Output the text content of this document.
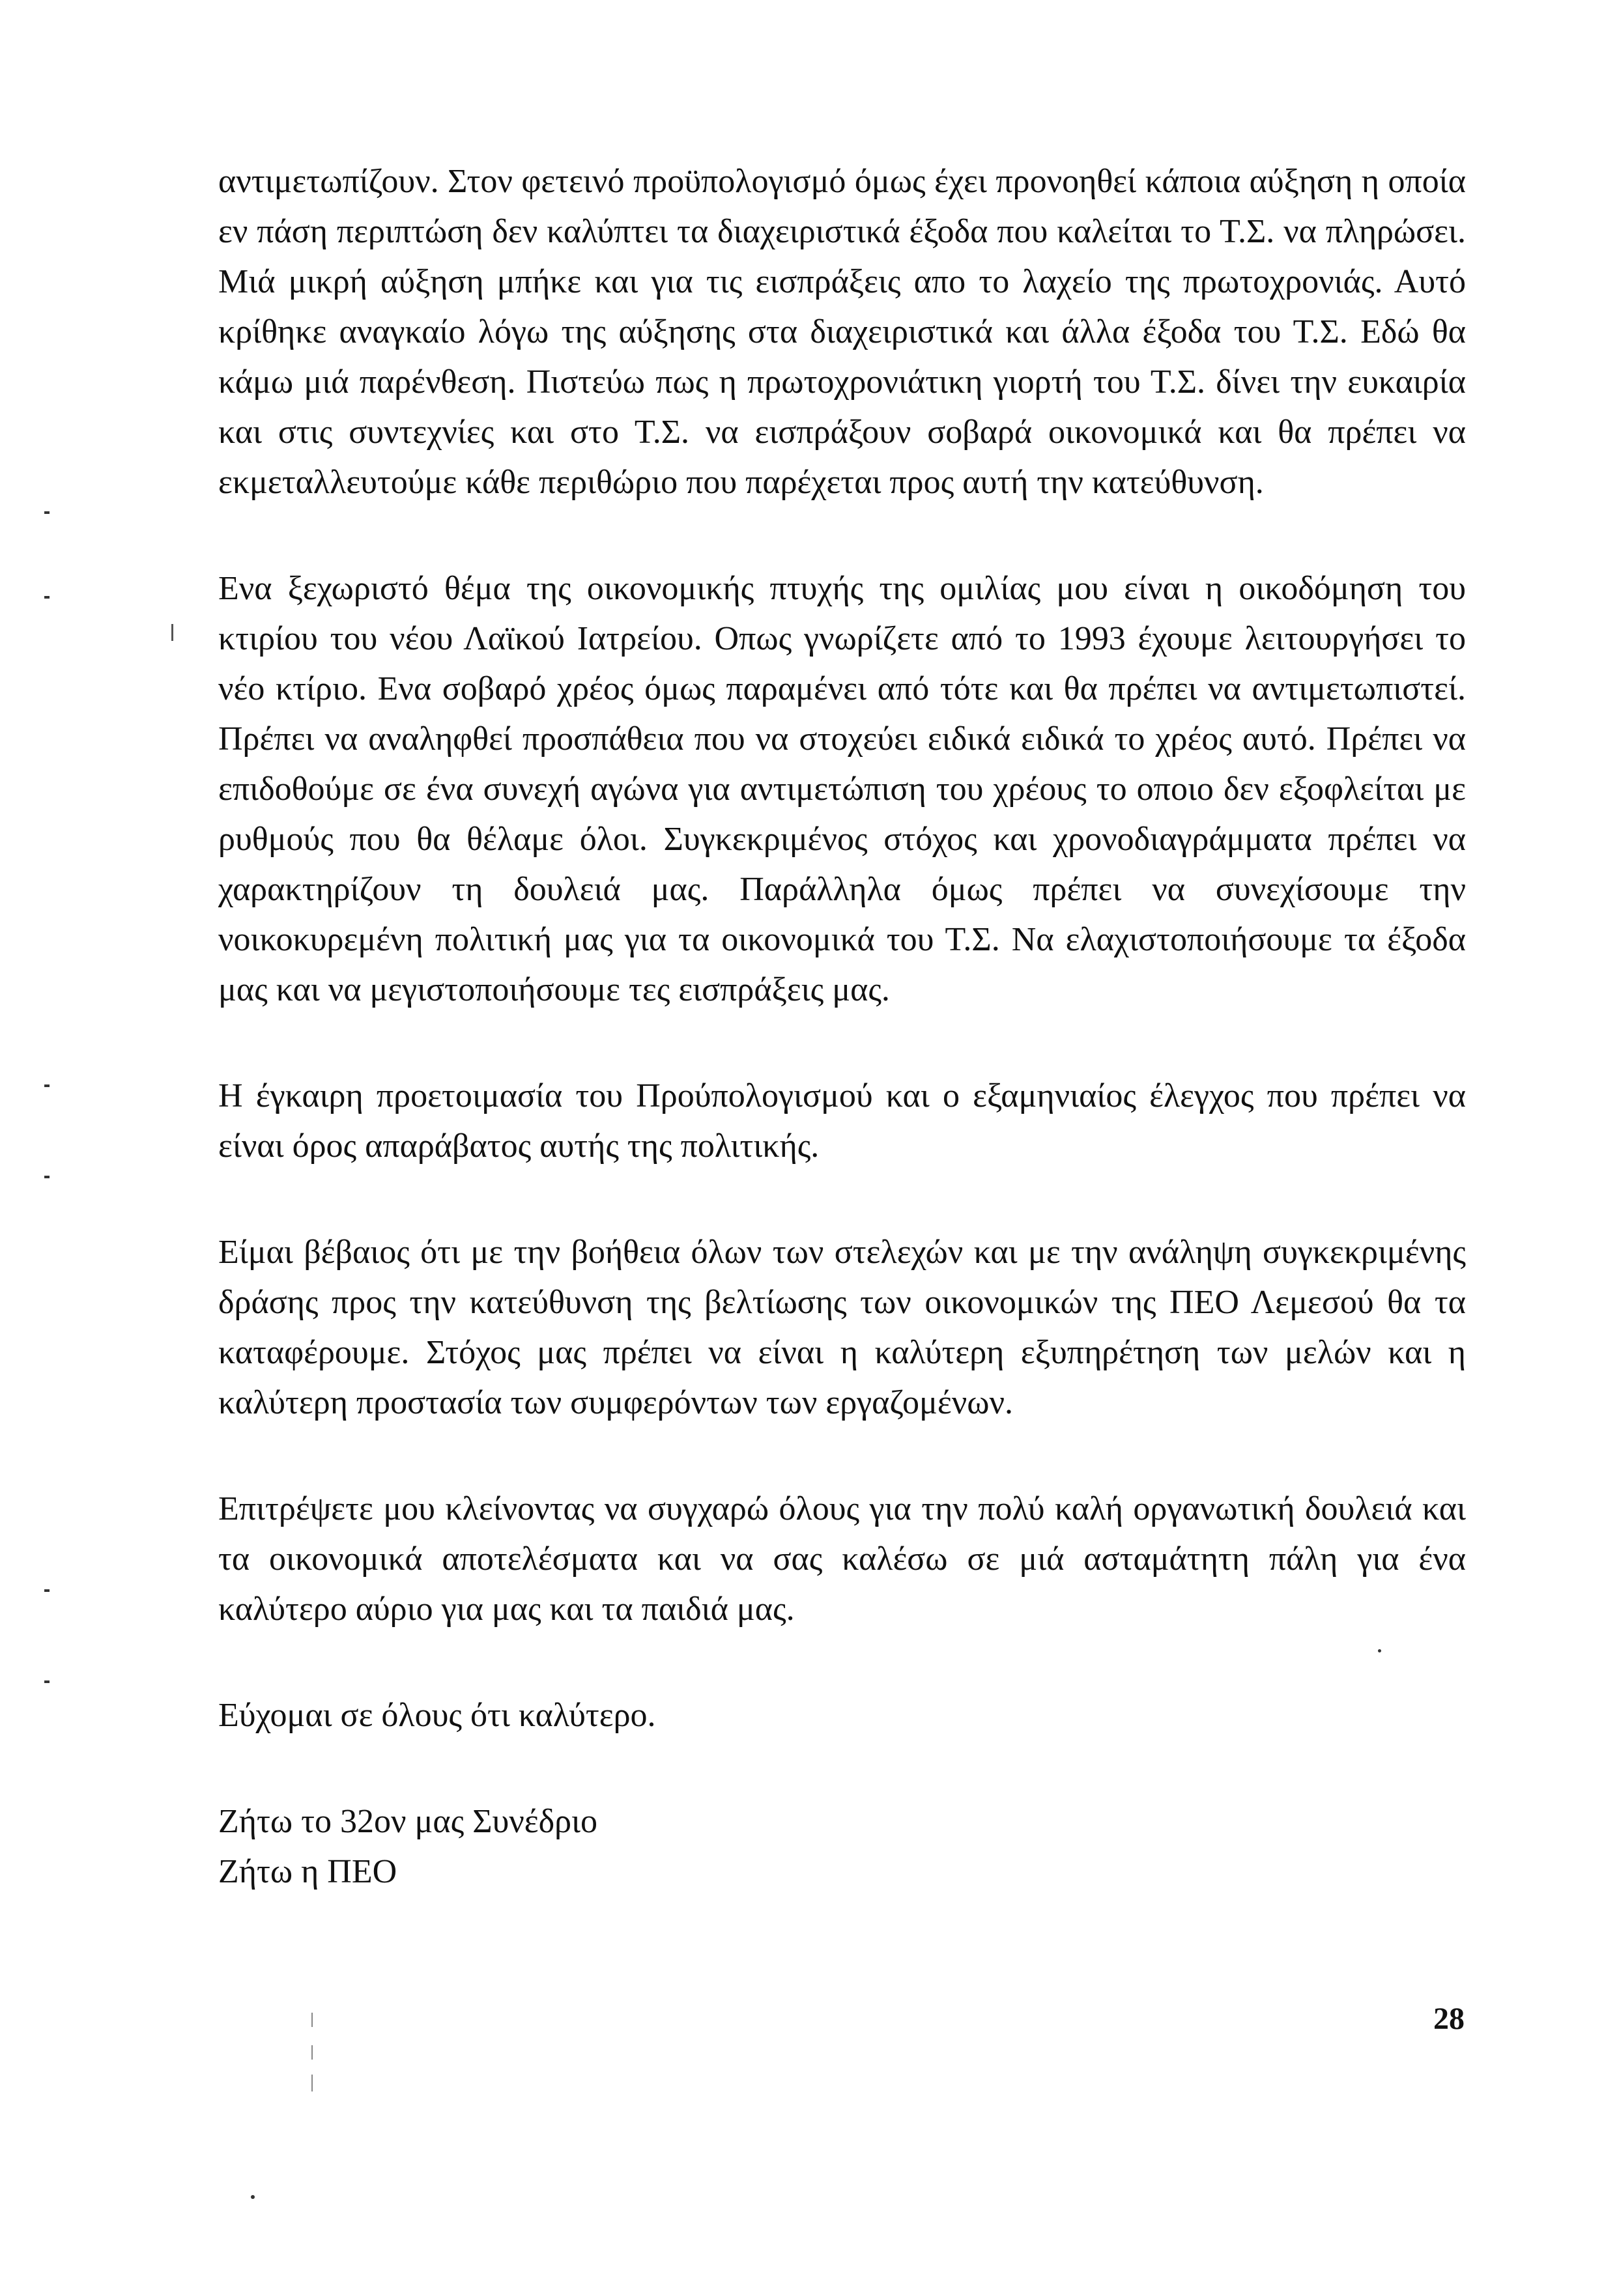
αντιμετωπίζουν. Στον φετεινό προϋπολογισμό όμως έχει προνοηθεί κάποια αύξηση η οποία εν πάση περιπτώση δεν καλύπτει τα διαχειριστικά έξοδα που καλείται το Τ.Σ. να πληρώσει. Μιά μικρή αύξηση μπήκε και για τις εισπράξεις απο το λαχείο της πρωτοχρονιάς. Αυτό κρίθηκε αναγκαίο λόγω της αύξησης στα διαχειριστικά και άλλα έξοδα του Τ.Σ. Εδώ θα κάμω μιά παρένθεση. Πιστεύω πως η πρωτοχρονιάτικη γιορτή του Τ.Σ. δίνει την ευκαιρία και στις συντεχνίες και στο Τ.Σ. να εισπράξουν σοβαρά οικονομικά και θα πρέπει να εκμεταλλευτούμε κάθε περιθώριο που παρέχεται προς αυτή την κατεύθυνση.

Ενα ξεχωριστό θέμα της οικονομικής πτυχής της ομιλίας μου είναι η οικοδόμηση του κτιρίου του νέου Λαϊκού Ιατρείου. Οπως γνωρίζετε από το 1993 έχουμε λειτουργήσει το νέο κτίριο. Ενα σοβαρό χρέος όμως παραμένει από τότε και θα πρέπει να αντιμετωπιστεί. Πρέπει να αναληφθεί προσπάθεια που να στοχεύει ειδικά ειδικά το χρέος αυτό. Πρέπει να επιδοθούμε σε ένα συνεχή αγώνα για αντιμετώπιση του χρέους το οποιο δεν εξοφλείται με ρυθμούς που θα θέλαμε όλοι. Συγκεκριμένος στόχος και χρονοδιαγράμματα πρέπει να χαρακτηρίζουν τη δουλειά μας. Παράλληλα όμως πρέπει να συνεχίσουμε την νοικοκυρεμένη πολιτική μας για τα οικονομικά του Τ.Σ. Να ελαχιστοποιήσουμε τα έξοδα μας και να μεγιστοποιήσουμε τες εισπράξεις μας.

Η έγκαιρη προετοιμασία του Προύπολογισμού και ο εξαμηνιαίος έλεγχος που πρέπει να είναι όρος απαράβατος αυτής της πολιτικής.

Είμαι βέβαιος ότι με την βοήθεια όλων των στελεχών και με την ανάληψη συγκεκριμένης δράσης προς την κατεύθυνση της βελτίωσης των οικονομικών της ΠΕΟ Λεμεσού θα τα καταφέρουμε. Στόχος μας πρέπει να είναι η καλύτερη εξυπηρέτηση των μελών και η καλύτερη προστασία των συμφερόντων των εργαζομένων.

Επιτρέψετε μου κλείνοντας να συγχαρώ όλους για την πολύ καλή οργανωτική δουλειά και τα οικονομικά αποτελέσματα και να σας καλέσω σε μιά ασταμάτητη πάλη για ένα καλύτερο αύριο για μας και τα παιδιά μας.

Εύχομαι σε όλους ότι καλύτερο.

Ζήτω το 32ον μας Συνέδριο

Ζήτω η ΠΕΟ

28
